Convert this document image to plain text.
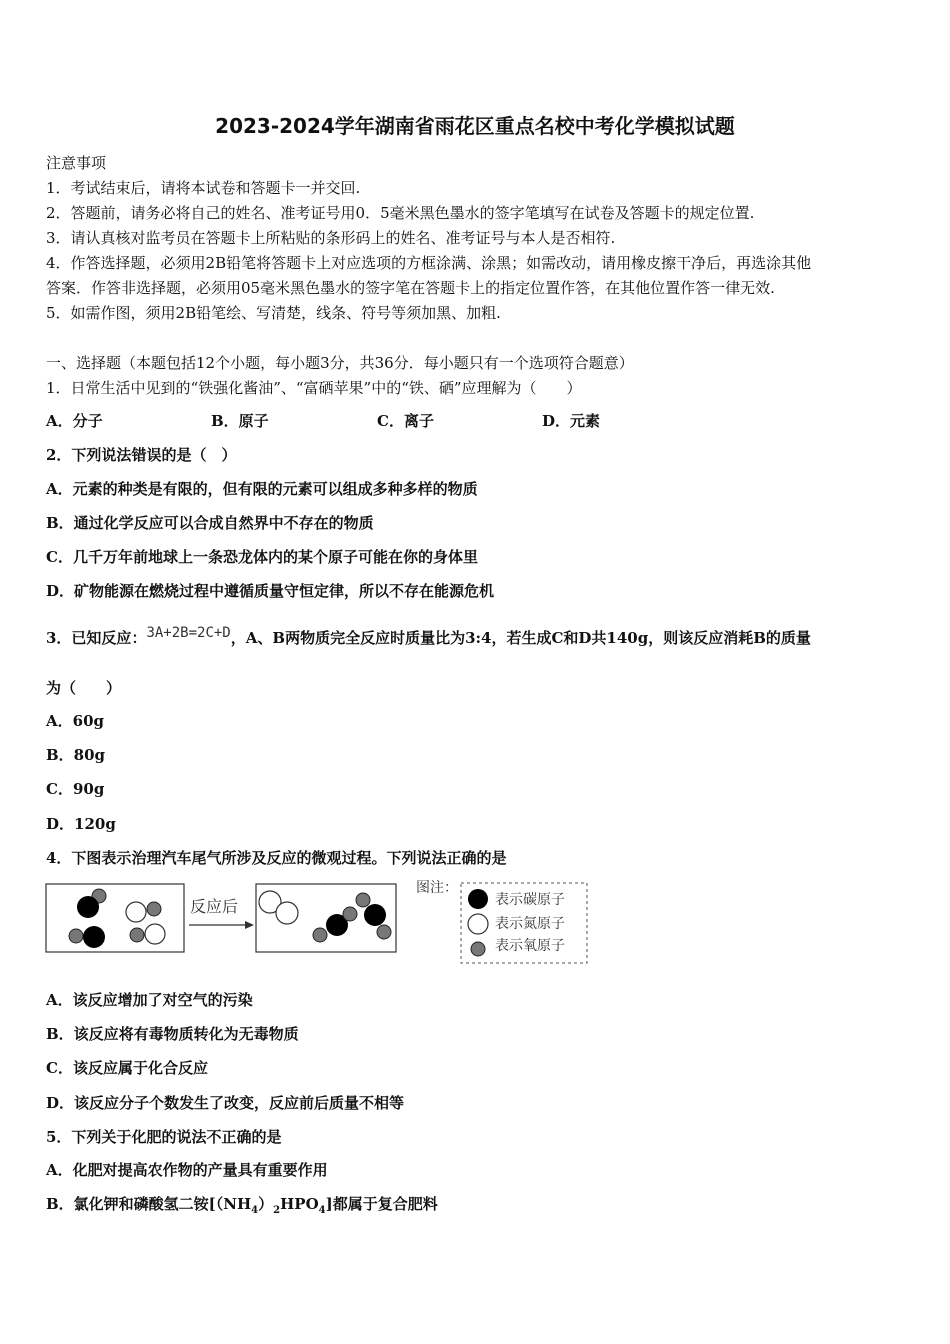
2023-2024学年湖南省雨花区重点名校中考化学模拟试题
注意事项
1．考试结束后，请将本试卷和答题卡一并交回.
2．答题前，请务必将自己的姓名、准考证号用0．5毫米黑色墨水的签字笔填写在试卷及答题卡的规定位置.
3．请认真核对监考员在答题卡上所粘贴的条形码上的姓名、准考证号与本人是否相符.
4．作答选择题，必须用2B铅笔将答题卡上对应选项的方框涂满、涂黑；如需改动，请用橡皮擦干净后，再选涂其他
答案．作答非选择题，必须用05毫米黑色墨水的签字笔在答题卡上的指定位置作答，在其他位置作答一律无效.
5．如需作图，须用2B铅笔绘、写清楚，线条、符号等须加黑、加粗.
一、选择题（本题包括12个小题，每小题3分，共36分．每小题只有一个选项符合题意）
1．日常生活中见到的“铁强化酱油”、“富硒苹果”中的“铁、硒”应理解为（　　）
A．分子	B．原子	C．离子	D．元素
2．下列说法错误的是（　）
A．元素的种类是有限的，但有限的元素可以组成多种多样的物质
B．通过化学反应可以合成自然界中不存在的物质
C．几千万年前地球上一条恐龙体内的某个原子可能在你的身体里
D．矿物能源在燃烧过程中遵循质量守恒定律，所以不存在能源危机
3．已知反应：3A+2B=2C+D，A、B两物质完全反应时质量比为3:4，若生成C和D共140g，则该反应消耗B的质量
为（　　）
A．60g
B．80g
C．90g
D．120g
4．下图表示治理汽车尾气所涉及反应的微观过程。下列说法正确的是
反应后
图注：
表示碳原子
表示氮原子
表示氧原子
A．该反应增加了对空气的污染
B．该反应将有毒物质转化为无毒物质
C．该反应属于化合反应
D．该反应分子个数发生了改变，反应前后质量不相等
5．下列关于化肥的说法不正确的是
A．化肥对提高农作物的产量具有重要作用
B．氯化钾和磷酸氢二铵$[(NH_4)_2HPO_4]$都属于复合肥料
